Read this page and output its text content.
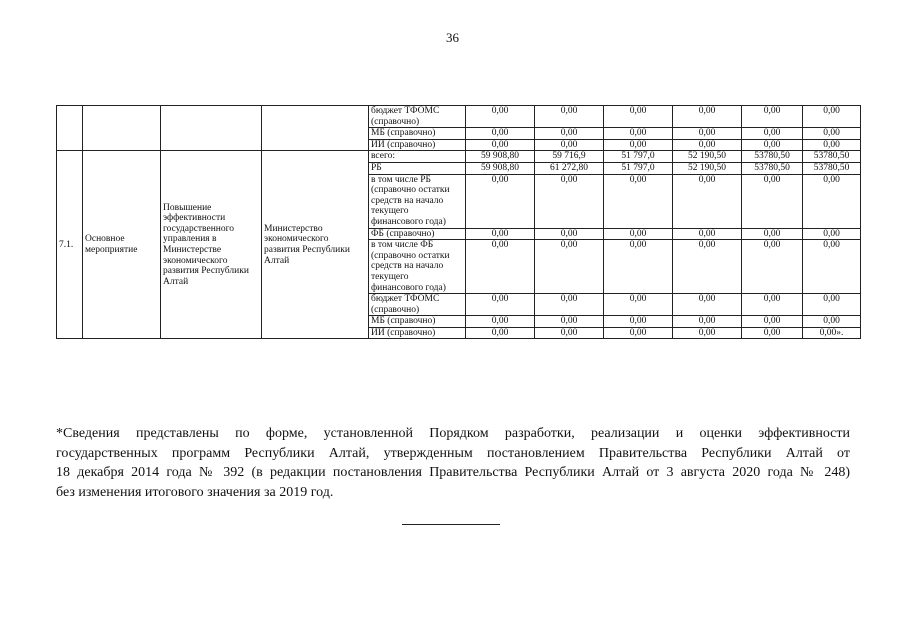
36
				бюджет ТФОМС (справочно)	0,00	0,00	0,00	0,00	0,00	0,00
				МБ (справочно)	0,00	0,00	0,00	0,00	0,00	0,00
				ИИ (справочно)	0,00	0,00	0,00	0,00	0,00	0,00
7.1.	Основное мероприятие	Повышение эффективности государственного управления в Министерстве экономического развития Республики Алтай	Министерство экономического развития Республики Алтай	всего:	59 908,80	59 716,9	51 797,0	52 190,50	53780,50	53780,50
				РБ	59 908,80	61 272,80	51 797,0	52 190,50	53780,50	53780,50
				в том числе РБ (справочно остатки средств на начало текущего финансового года)	0,00	0,00	0,00	0,00	0,00	0,00
				ФБ (справочно)	0,00	0,00	0,00	0,00	0,00	0,00
				в том числе ФБ (справочно остатки средств на начало текущего финансового года)	0,00	0,00	0,00	0,00	0,00	0,00
				бюджет ТФОМС (справочно)	0,00	0,00	0,00	0,00	0,00	0,00
				МБ (справочно)	0,00	0,00	0,00	0,00	0,00	0,00
				ИИ (справочно)	0,00	0,00	0,00	0,00	0,00	0,00».
*Сведения представлены по форме, установленной Порядком разработки, реализации и оценки эффективности
государственных программ Республики Алтай, утвержденным постановлением Правительства Республики Алтай от
18 декабря 2014 года № 392 (в редакции постановления Правительства Республики Алтай от 3 августа 2020 года № 248)
без изменения итогового значения за 2019 год.
